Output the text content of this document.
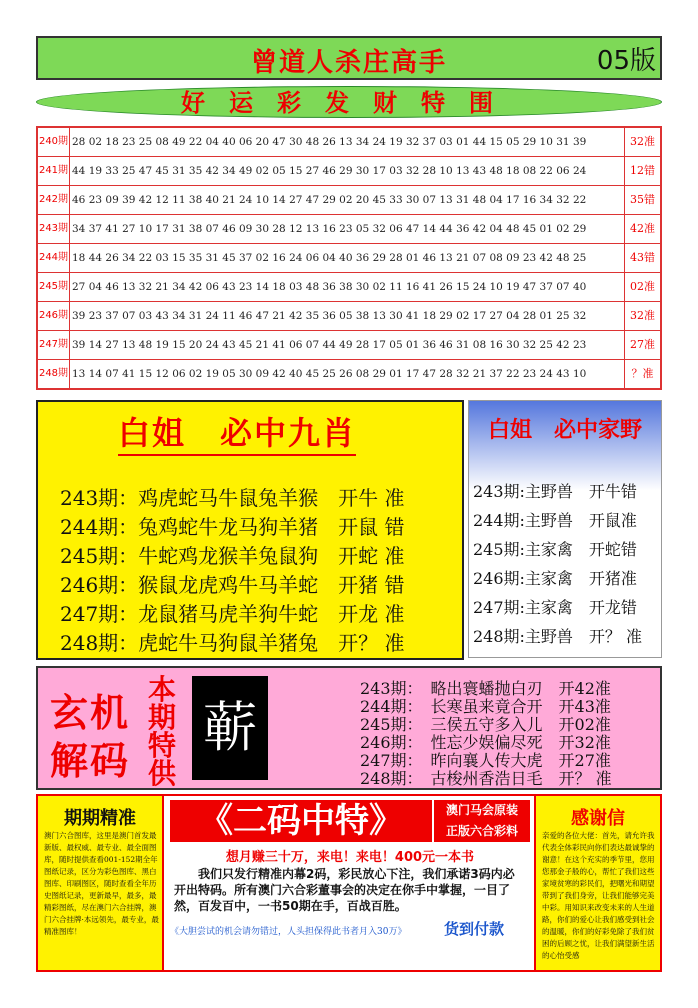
曾道人杀庄高手	05版
好运彩发财特围
240期 28 02 18 23 25 08 49 22 04 40 06 20 47 30 48 26 13 34 24 19 32 37 03 01 44 15 05 29 10 31 39	32准
241期 44 19 33 25 47 45 31 35 42 34 49 02 05 15 27 46 29 30 17 03 32 28 10 13 43 48 18 08 22 06 24	12错
242期 46 23 09 39 42 12 11 38 40 21 24 10 14 27 47 29 02 20 45 33 30 07 13 31 48 04 17 16 34 32 22	35错
243期 34 37 41 27 10 17 31 38 07 46 09 30 28 12 13 16 23 05 32 06 47 14 44 36 42 04 48 45 01 02 29	42准
244期 18 44 26 34 22 03 15 35 31 45 37 02 16 24 06 04 40 36 29 28 01 46 13 21 07 08 09 23 42 48 25	43错
245期 27 04 46 13 32 21 34 42 06 43 23 14 18 03 48 36 38 30 02 11 16 41 26 15 24 10 19 47 37 07 40	02准
246期 39 23 37 07 03 43 34 31 24 11 46 47 21 42 35 36 05 38 13 30 41 18 29 02 17 27 04 28 01 25 32	32准
247期 39 14 27 13 48 19 15 20 24 43 45 21 41 06 07 44 49 28 17 05 01 36 46 31 08 16 30 32 25 42 23	27准
248期 13 14 07 41 15 12 06 02 19 05 30 09 42 40 45 25 26 08 29 01 17 47 28 32 21 37 22 23 24 43 10	？准
白姐　必中九肖
243期：鸡虎蛇马牛鼠兔羊猴　开牛 准
244期：兔鸡蛇牛龙马狗羊猪　开鼠 错
245期：牛蛇鸡龙猴羊兔鼠狗　开蛇 准
246期：猴鼠龙虎鸡牛马羊蛇　开猪 错
247期：龙鼠猪马虎羊狗牛蛇　开龙 准
248期：虎蛇牛马狗鼠羊猪兔　开？ 准
白姐　必中家野
243期:主野兽　开牛错
244期:主野兽　开鼠准
245期:主家禽　开蛇错
246期:主家禽　开猪准
247期:主家禽　开龙错
248期:主野兽　开？ 准
玄机
解码
本期特供
蕲
243期：　略出寰蟠抛白刃　开42准
244期：　长寒虽来竟合开　开43准
245期：　三侯五守多入儿　开02准
246期：　性忘少娱偏尽死　开32准
247期：　昨向襄人传大虎　开27准
248期：　古梭州香浩日毛　开？ 准
期期精准
澳门六合图库，这里是澳门首发最新版、最权威、最专业、最全面图库，随时提供查看001-152期全年图纸记录，区分为彩色图库、黑白图库、印刷图区，随时查看全年历史图纸记录，更新最早，最多，最精彩图纸，尽在澳门六合挂牌，澳门六合挂牌·本远领先，最专业，最精准图库！
《二码中特》	澳门马会原装
正版六合彩料
想月赚三十万，来电！来电！400元一本书
我们只发行精准内幕2码，彩民放心下注，我们承诺3码内必开出特码。所有澳门六合彩董事会的决定在你手中掌握，一目了然，百发百中，一书50期在手，百战百胜。
《大胆尝试的机会请勿错过，人头担保得此书者月入30万》	货到付款
感谢信
亲爱的各位大佬：首先，请允许我代表全体彩民向你们表达最诚挚的谢意！在这个充实的季节里，您用您那金子般的心，帮忙了我们这些家境贫寒的彩民们，把曙光和期望带到了我们身旁，让我们能够完美中彩。用知识来改变未来的人生道路，你们的爱心让我们感受到社会的温暖，你们的好彩免除了我们贫困的后顾之忧，让我们满望新生活的心怡受感
